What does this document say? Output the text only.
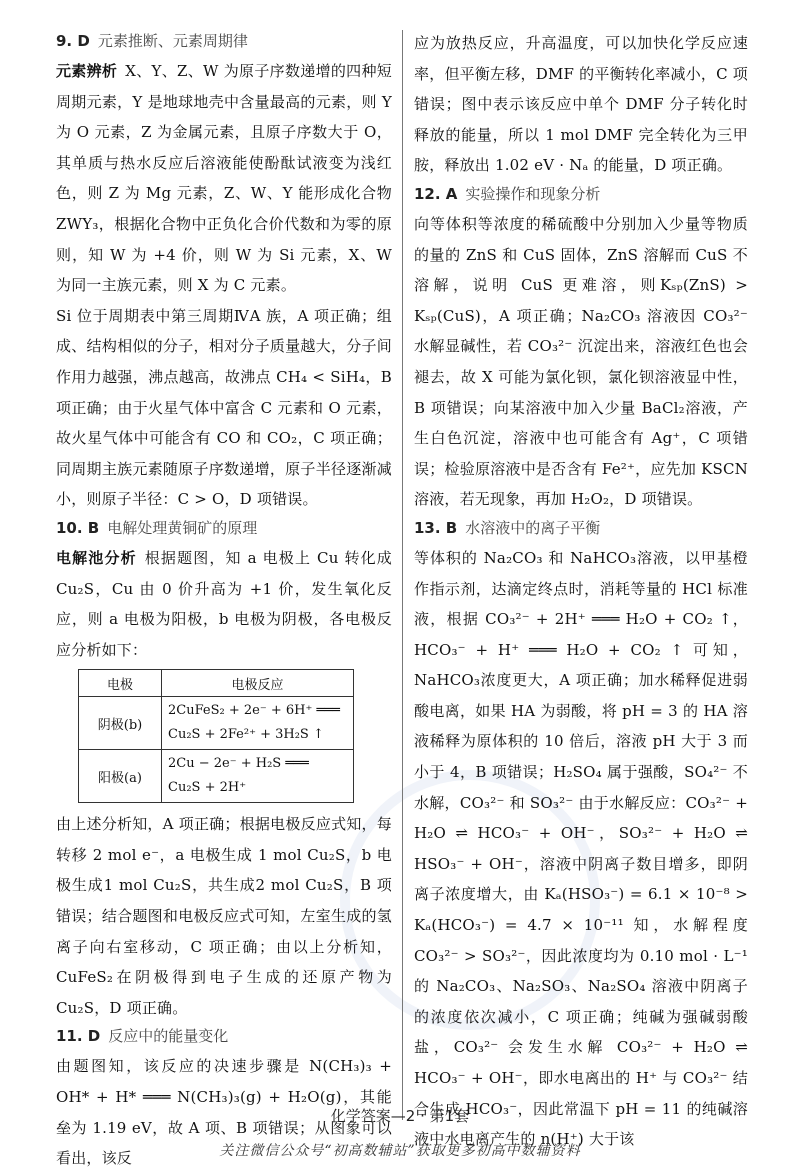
9. D 元素推断、元素周期律

元素辨析 X、Y、Z、W 为原子序数递增的四种短周期元素，Y 是地球地壳中含量最高的元素，则 Y 为 O 元素，Z 为金属元素，且原子序数大于 O，其单质与热水反应后溶液能使酚酞试液变为浅红色，则 Z 为 Mg 元素，Z、W、Y 能形成化合物 ZWY₃，根据化合物中正负化合价代数和为零的原则，知 W 为 +4 价，则 W 为 Si 元素，X、W 为同一主族元素，则 X 为 C 元素。

Si 位于周期表中第三周期ⅣA 族，A 项正确；组成、结构相似的分子，相对分子质量越大，分子间作用力越强，沸点越高，故沸点 CH₄ < SiH₄，B 项正确；由于火星气体中富含 C 元素和 O 元素，故火星气体中可能含有 CO 和 CO₂，C 项正确；同周期主族元素随原子序数递增，原子半径逐渐减小，则原子半径：C > O，D 项错误。

10. B 电解处理黄铜矿的原理

电解池分析 根据题图，知 a 电极上 Cu 转化成 Cu₂S，Cu 由 0 价升高为 +1 价，发生氧化反应，则 a 电极为阳极，b 电极为阴极，各电极反应分析如下：

电极	电极反应
阴极(b)	2CuFeS₂ + 2e⁻ + 6H⁺ ═══
Cu₂S + 2Fe²⁺ + 3H₂S ↑

阳极(a)	2Cu − 2e⁻ + H₂S ═══
Cu₂S + 2H⁺

由上述分析知，A 项正确；根据电极反应式知，每转移 2 mol e⁻，a 电极生成 1 mol Cu₂S，b 电极生成1 mol Cu₂S，共生成2 mol Cu₂S，B 项错误；结合题图和电极反应式可知，左室生成的氢离子向右室移动，C 项正确；由以上分析知，CuFeS₂在阴极得到电子生成的还原产物为 Cu₂S，D 项正确。

11. D 反应中的能量变化

由题图知，该反应的决速步骤是 N(CH₃)₃ + OH* + H* ═══ N(CH₃)₃(g) + H₂O(g)，其能垒为 1.19 eV，故 A 项、B 项错误；从图象可以看出，该反

应为放热反应，升高温度，可以加快化学反应速率，但平衡左移，DMF 的平衡转化率减小，C 项错误；图中表示该反应中单个 DMF 分子转化时释放的能量，所以 1 mol DMF 完全转化为三甲胺，释放出 1.02 eV · Nₐ 的能量，D 项正确。

12. A 实验操作和现象分析

向等体积等浓度的稀硫酸中分别加入少量等物质的量的 ZnS 和 CuS 固体，ZnS 溶解而 CuS 不溶解，说明 CuS 更难溶，则Kₛₚ(ZnS) > Kₛₚ(CuS)，A 项正确；Na₂CO₃ 溶液因 CO₃²⁻ 水解显碱性，若 CO₃²⁻ 沉淀出来，溶液红色也会褪去，故 X 可能为氯化钡，氯化钡溶液显中性，B 项错误；向某溶液中加入少量 BaCl₂溶液，产生白色沉淀，溶液中也可能含有 Ag⁺，C 项错误；检验原溶液中是否含有 Fe²⁺，应先加 KSCN 溶液，若无现象，再加 H₂O₂，D 项错误。

13. B 水溶液中的离子平衡

等体积的 Na₂CO₃ 和 NaHCO₃溶液，以甲基橙作指示剂，达滴定终点时，消耗等量的 HCl 标准液，根据 CO₃²⁻ + 2H⁺ ═══ H₂O + CO₂ ↑，HCO₃⁻ + H⁺ ═══ H₂O + CO₂ ↑ 可知，NaHCO₃浓度更大，A 项正确；加水稀释促进弱酸电离，如果 HA 为弱酸，将 pH = 3 的 HA 溶液稀释为原体积的 10 倍后，溶液 pH 大于 3 而小于 4，B 项错误；H₂SO₄ 属于强酸，SO₄²⁻ 不水解，CO₃²⁻ 和 SO₃²⁻ 由于水解反应：CO₃²⁻ + H₂O ⇌ HCO₃⁻ + OH⁻，SO₃²⁻ + H₂O ⇌ HSO₃⁻ + OH⁻，溶液中阴离子数目增多，即阴离子浓度增大，由 Kₐ(HSO₃⁻) = 6.1 × 10⁻⁸ > Kₐ(HCO₃⁻) = 4.7 × 10⁻¹¹ 知，水解程度 CO₃²⁻ > SO₃²⁻，因此浓度均为 0.10 mol · L⁻¹ 的 Na₂CO₃、Na₂SO₃、Na₂SO₄ 溶液中阴离子的浓度依次减小，C 项正确；纯碱为强碱弱酸盐，CO₃²⁻ 会发生水解 CO₃²⁻ + H₂O ⇌ HCO₃⁻ + OH⁻，即水电离出的 H⁺ 与 CO₃²⁻ 结合生成 HCO₃⁻，因此常温下 pH = 11 的纯碱溶液中水电离产生的 n(H⁺) 大于该

化学答案—2 · 第1套
关注微信公众号“初高数辅站”获取更多初高中数辅资料
